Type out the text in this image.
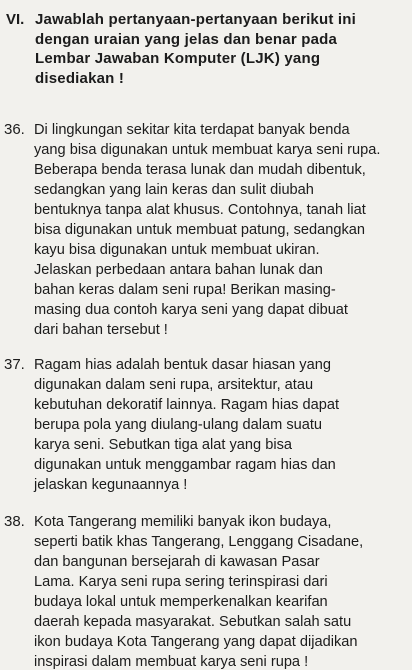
VI. Jawablah pertanyaan-pertanyaan berikut ini
dengan uraian yang jelas dan benar pada
Lembar Jawaban Komputer (LJK) yang
disediakan !
36. Di lingkungan sekitar kita terdapat banyak benda
yang bisa digunakan untuk membuat karya seni rupa.
Beberapa benda terasa lunak dan mudah dibentuk,
sedangkan yang lain keras dan sulit diubah
bentuknya tanpa alat khusus. Contohnya, tanah liat
bisa digunakan untuk membuat patung, sedangkan
kayu bisa digunakan untuk membuat ukiran.
Jelaskan perbedaan antara bahan lunak dan
bahan keras dalam seni rupa! Berikan masing-
masing dua contoh karya seni yang dapat dibuat
dari bahan tersebut !
37. Ragam hias adalah bentuk dasar hiasan yang
digunakan dalam seni rupa, arsitektur, atau
kebutuhan dekoratif lainnya. Ragam hias dapat
berupa pola yang diulang-ulang dalam suatu
karya seni. Sebutkan tiga alat yang bisa
digunakan untuk menggambar ragam hias dan
jelaskan kegunaannya !
38. Kota Tangerang memiliki banyak ikon budaya,
seperti batik khas Tangerang, Lenggang Cisadane,
dan bangunan bersejarah di kawasan Pasar
Lama. Karya seni rupa sering terinspirasi dari
budaya lokal untuk memperkenalkan kearifan
daerah kepada masyarakat. Sebutkan salah satu
ikon budaya Kota Tangerang yang dapat dijadikan
inspirasi dalam membuat karya seni rupa !
